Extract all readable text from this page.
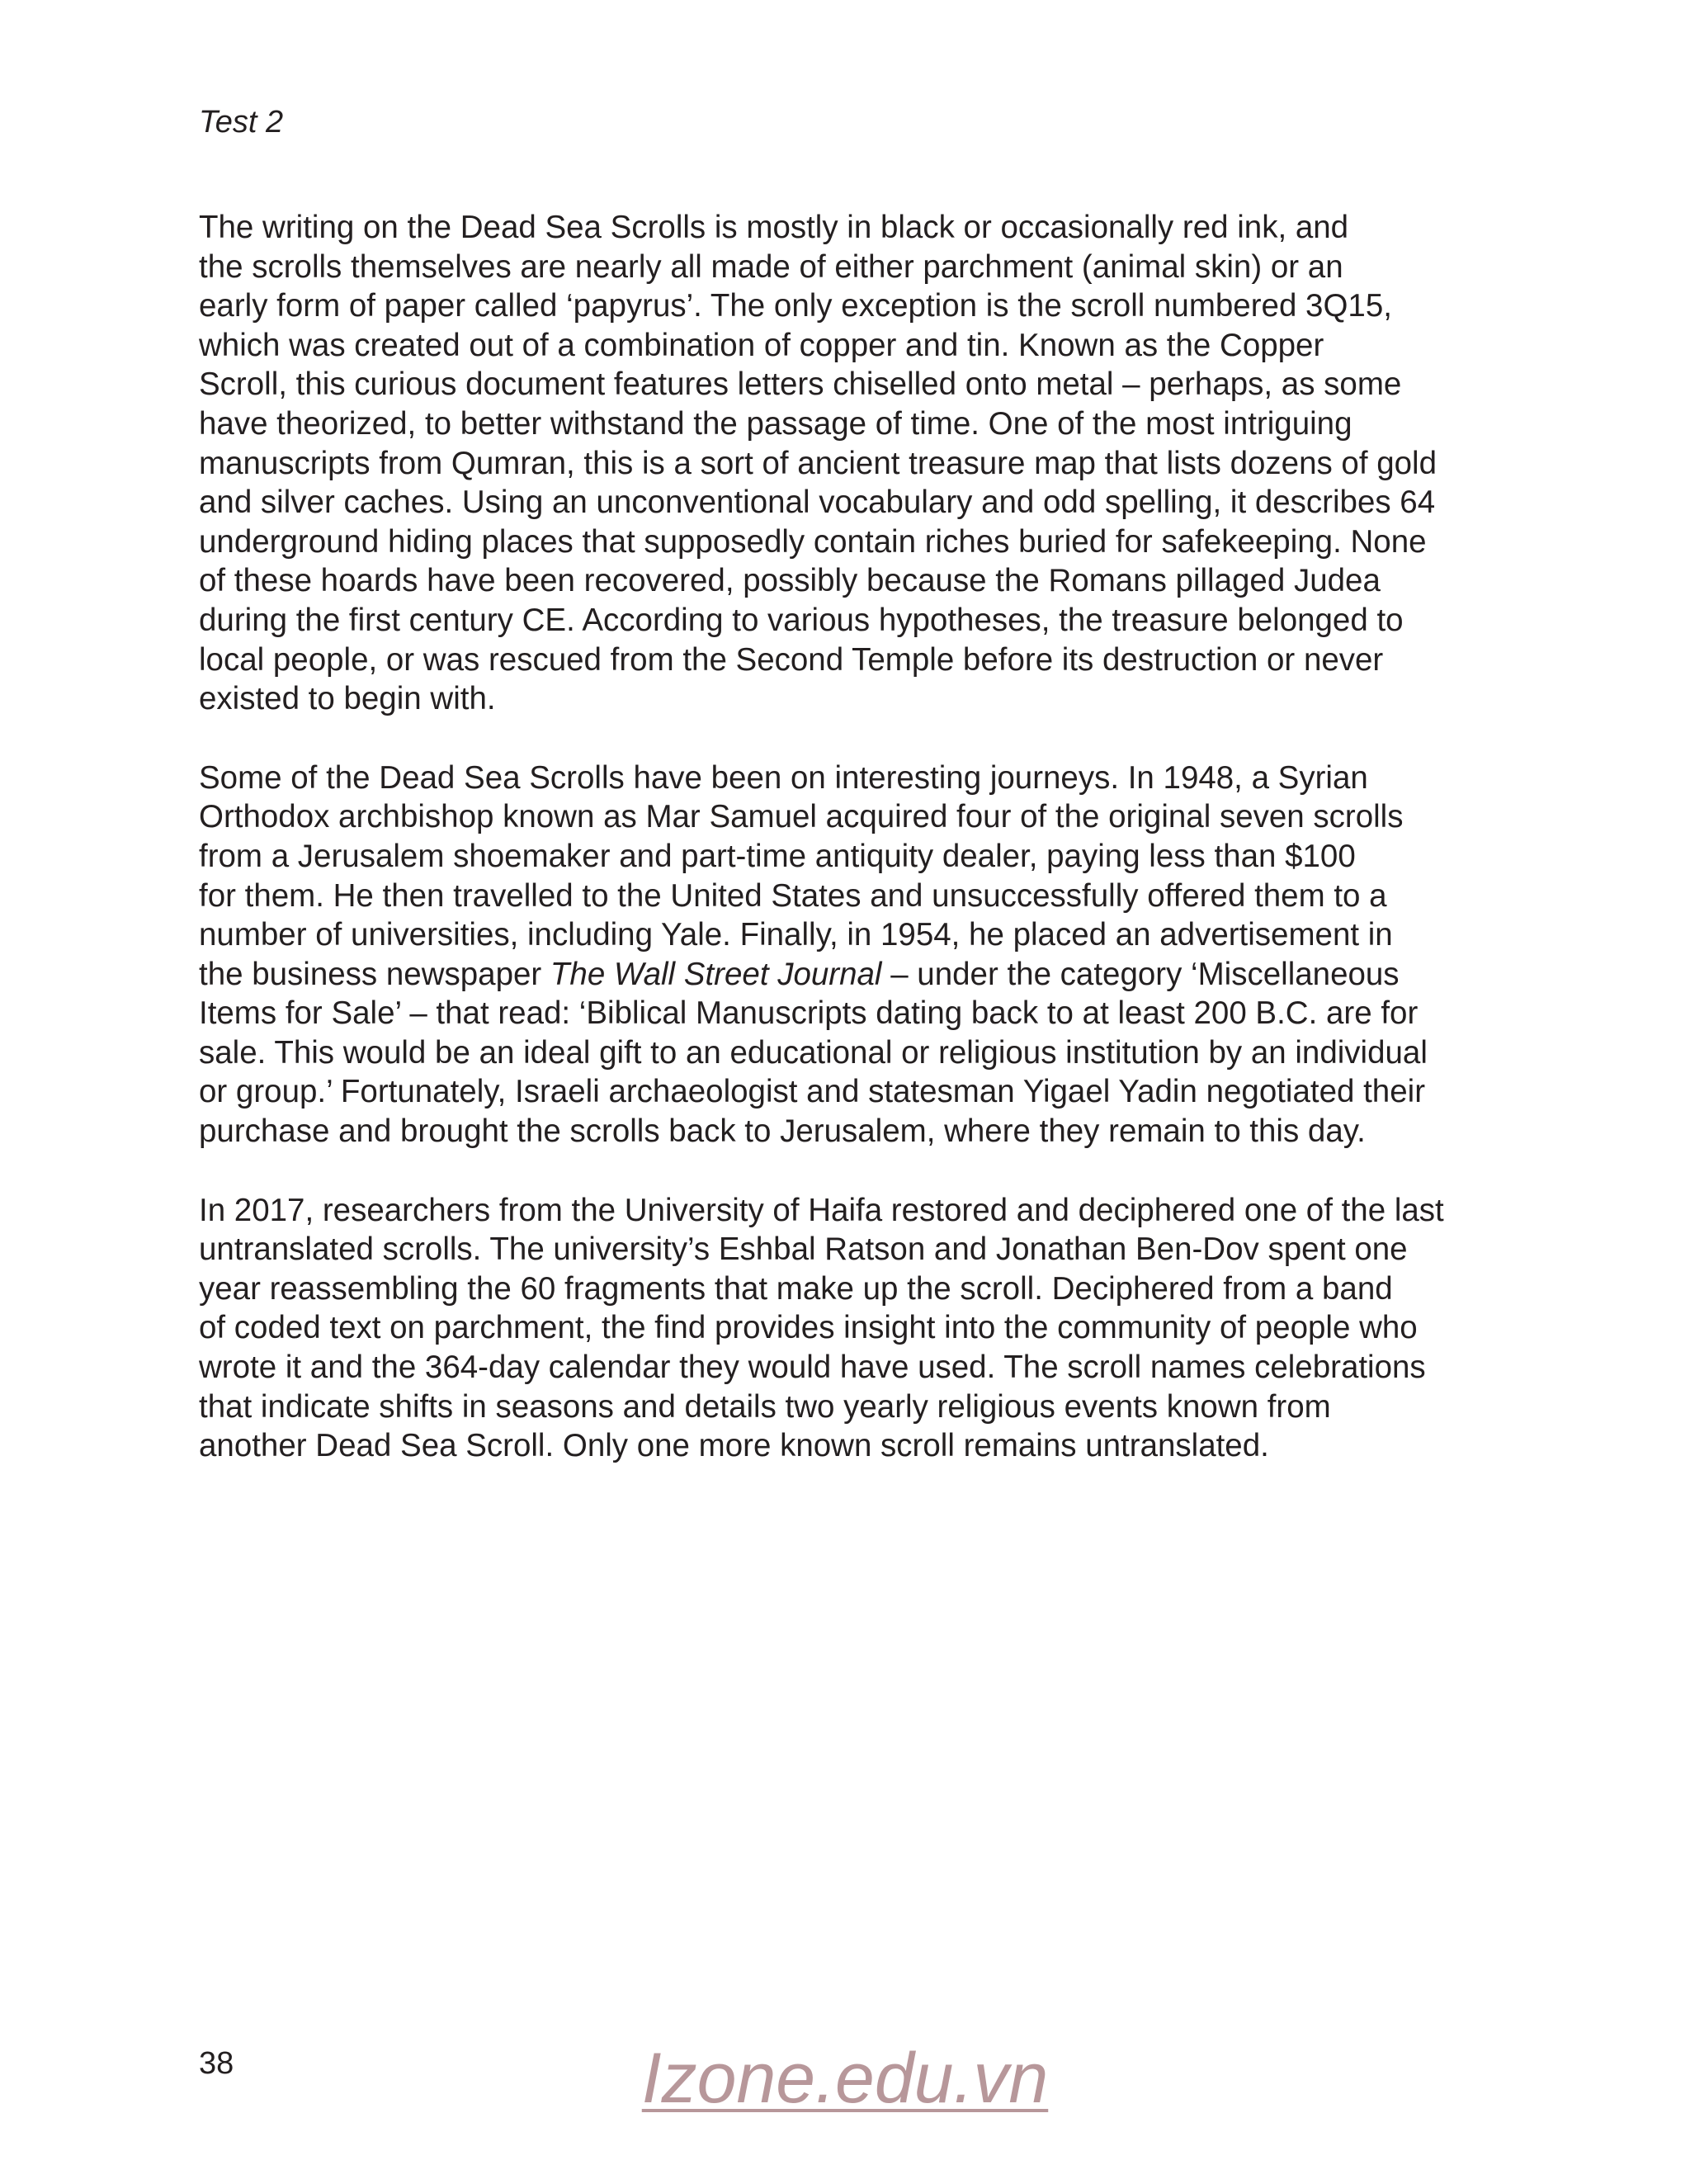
Test 2

The writing on the Dead Sea Scrolls is mostly in black or occasionally red ink, and
the scrolls themselves are nearly all made of either parchment (animal skin) or an
early form of paper called ‘papyrus’. The only exception is the scroll numbered 3Q15,
which was created out of a combination of copper and tin. Known as the Copper
Scroll, this curious document features letters chiselled onto metal – perhaps, as some
have theorized, to better withstand the passage of time. One of the most intriguing
manuscripts from Qumran, this is a sort of ancient treasure map that lists dozens of gold
and silver caches. Using an unconventional vocabulary and odd spelling, it describes 64
underground hiding places that supposedly contain riches buried for safekeeping. None
of these hoards have been recovered, possibly because the Romans pillaged Judea
during the first century CE. According to various hypotheses, the treasure belonged to
local people, or was rescued from the Second Temple before its destruction or never
existed to begin with.

Some of the Dead Sea Scrolls have been on interesting journeys. In 1948, a Syrian
Orthodox archbishop known as Mar Samuel acquired four of the original seven scrolls
from a Jerusalem shoemaker and part-time antiquity dealer, paying less than $100
for them. He then travelled to the United States and unsuccessfully offered them to a
number of universities, including Yale. Finally, in 1954, he placed an advertisement in
the business newspaper The Wall Street Journal – under the category ‘Miscellaneous
Items for Sale’ – that read: ‘Biblical Manuscripts dating back to at least 200 B.C. are for
sale. This would be an ideal gift to an educational or religious institution by an individual
or group.’ Fortunately, Israeli archaeologist and statesman Yigael Yadin negotiated their
purchase and brought the scrolls back to Jerusalem, where they remain to this day.

In 2017, researchers from the University of Haifa restored and deciphered one of the last
untranslated scrolls. The university’s Eshbal Ratson and Jonathan Ben-Dov spent one
year reassembling the 60 fragments that make up the scroll. Deciphered from a band
of coded text on parchment, the find provides insight into the community of people who
wrote it and the 364-day calendar they would have used. The scroll names celebrations
that indicate shifts in seasons and details two yearly religious events known from
another Dead Sea Scroll. Only one more known scroll remains untranslated.

38	Izone.edu.vn
